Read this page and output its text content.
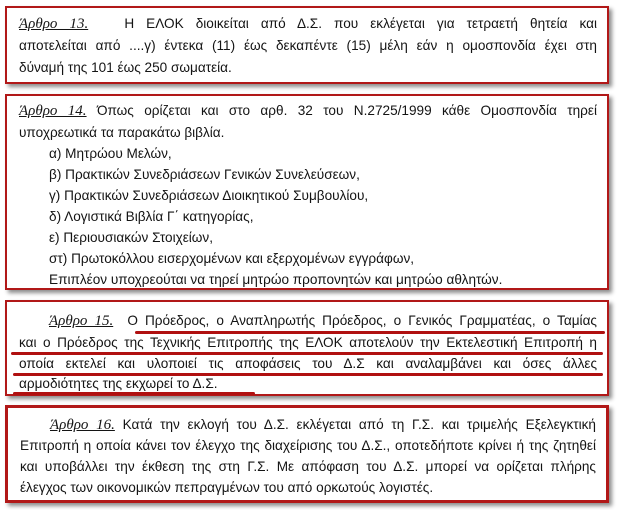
Άρθρο 13.	Η ΕΛΟΚ διοικείται από Δ.Σ. που εκλέγεται για τετραετή θητεία και
αποτελείται από ....γ) έντεκα (11) έως δεκαπέντε (15) μέλη εάν η ομοσπονδία έχει στη
δύναμή της 101 έως 250 σωματεία.
Άρθρο 14. Όπως ορίζεται και στο αρθ. 32 του Ν.2725/1999 κάθε Ομοσπονδία τηρεί
υποχρεωτικά τα παρακάτω βιβλία.
α) Μητρώου Μελών,
β) Πρακτικών Συνεδριάσεων Γενικών Συνελεύσεων,
γ) Πρακτικών Συνεδριάσεων Διοικητικού Συμβουλίου,
δ) Λογιστικά Βιβλία Γ΄ κατηγορίας,
ε) Περιουσιακών Στοιχείων,
στ) Πρωτοκόλλου εισερχομένων και εξερχομένων εγγράφων,
Επιπλέον υποχρεούται να τηρεί μητρώο προπονητών και μητρώο αθλητών.
Άρθρο 15. Ο Πρόεδρος, ο Αναπληρωτής Πρόεδρος, ο Γενικός Γραμματέας, ο Ταμίας
και ο Πρόεδρος της Τεχνικής Επιτροπής της ΕΛΟΚ αποτελούν την Εκτελεστική Επιτροπή η
οποία εκτελεί και υλοποιεί τις αποφάσεις του Δ.Σ και αναλαμβάνει και όσες άλλες
αρμοδιότητες της εκχωρεί το Δ.Σ.
Άρθρο 16. Κατά την εκλογή του Δ.Σ. εκλέγεται από τη Γ.Σ. και τριμελής Εξελεγκτική
Επιτροπή η οποία κάνει τον έλεγχο της διαχείρισης του Δ.Σ., οποτεδήποτε κρίνει ή της ζητηθεί
και υποβάλλει την έκθεση της στη Γ.Σ. Με απόφαση του Δ.Σ. μπορεί να ορίζεται πλήρης
έλεγχος των οικονομικών πεπραγμένων του από ορκωτούς λογιστές.
